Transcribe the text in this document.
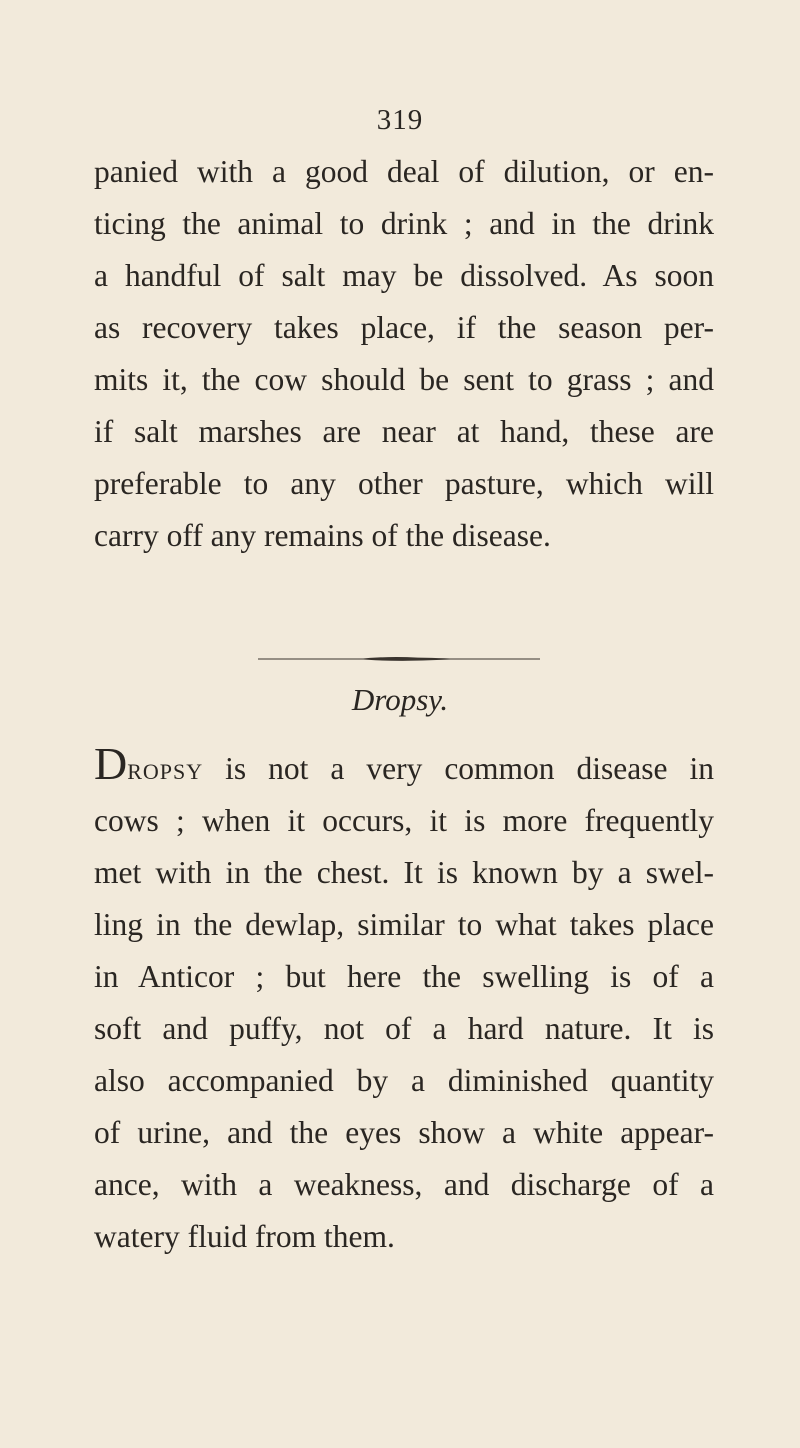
319
panied with a good deal of dilution, or en-
ticing the animal to drink ; and in the drink
a handful of salt may be dissolved. As soon
as recovery takes place, if the season per-
mits it, the cow should be sent to grass ; and
if salt marshes are near at hand, these are
preferable to any other pasture, which will
carry off any remains of the disease.
Dropsy.
Dropsy is not a very common disease in
cows ; when it occurs, it is more frequently
met with in the chest. It is known by a swel-
ling in the dewlap, similar to what takes place
in Anticor ; but here the swelling is of a
soft and puffy, not of a hard nature. It is
also accompanied by a diminished quantity
of urine, and the eyes show a white appear-
ance, with a weakness, and discharge of a
watery fluid from them.
